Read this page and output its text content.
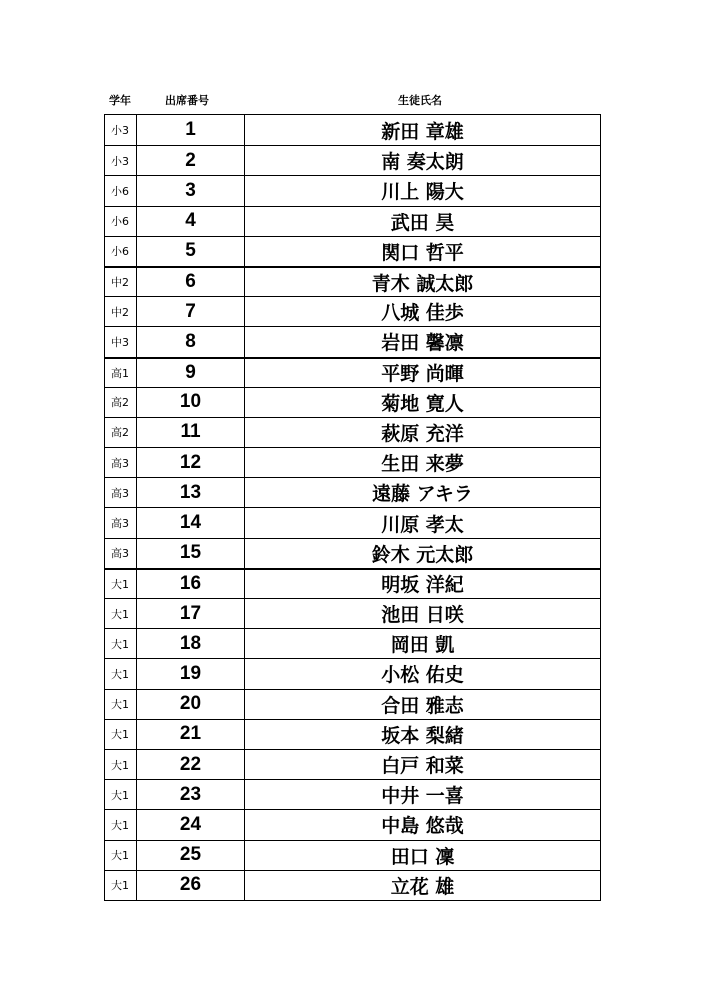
学年	出席番号	生徒氏名
小3	1	新田 章雄
小3	2	南 奏太朗
小6	3	川上 陽大
小6	4	武田 昊
小6	5	関口 哲平
中2	6	青木 誠太郎
中2	7	八城 佳歩
中3	8	岩田 馨凛
高1	9	平野 尚暉
高2	10	菊地 寛人
高2	11	萩原 充洋
高3	12	生田 来夢
高3	13	遠藤 アキラ
高3	14	川原 孝太
高3	15	鈴木 元太郎
大1	16	明坂 洋紀
大1	17	池田 日咲
大1	18	岡田 凱
大1	19	小松 佑史
大1	20	合田 雅志
大1	21	坂本 梨緒
大1	22	白戸 和菜
大1	23	中井 一喜
大1	24	中島 悠哉
大1	25	田口 凜
大1	26	立花 雄
